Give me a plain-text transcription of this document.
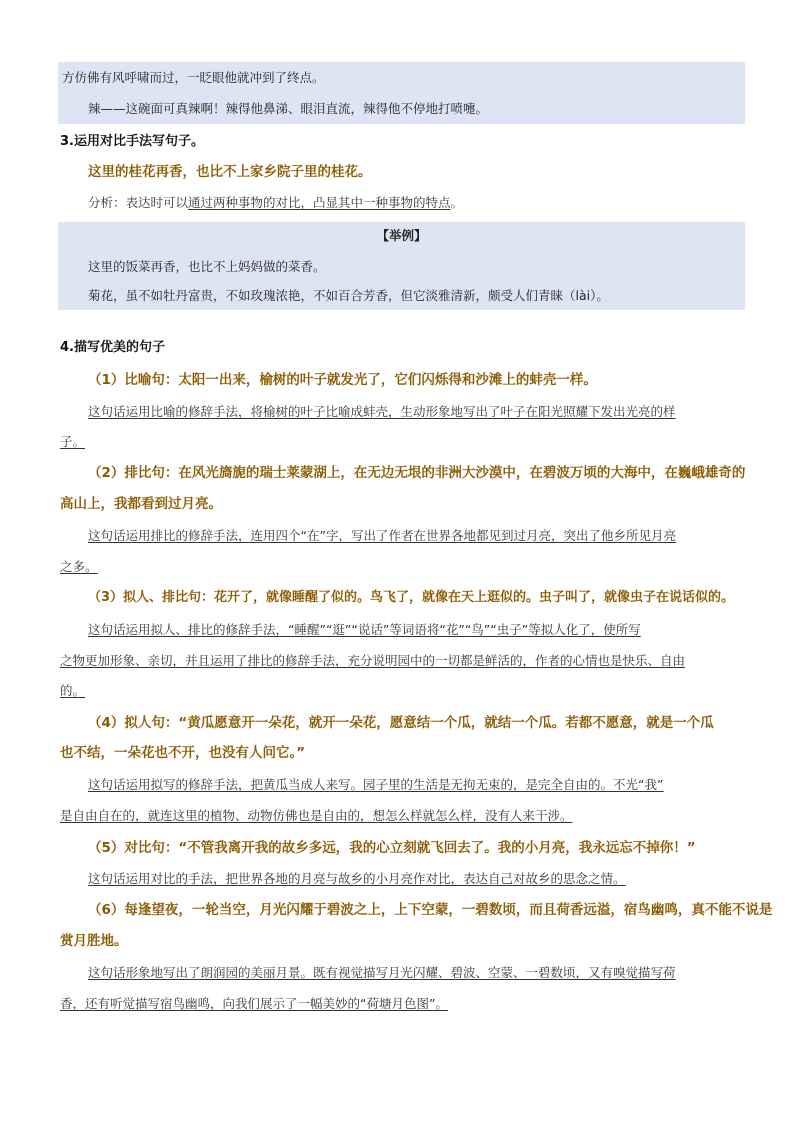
方仿佛有风呼啸而过，一眨眼他就冲到了终点。
辣——这碗面可真辣啊！辣得他鼻涕、眼泪直流，辣得他不停地打喷嚏。
3.运用对比手法写句子。
这里的桂花再香，也比不上家乡院子里的桂花。
分析：表达时可以通过两种事物的对比，凸显其中一种事物的特点。
【举例】
这里的饭菜再香，也比不上妈妈做的菜香。
菊花，虽不如牡丹富贵，不如玫瑰浓艳，不如百合芳香，但它淡雅清新，颇受人们青睐（lài）。
4.描写优美的句子
（1）比喻句：太阳一出来，榆树的叶子就发光了，它们闪烁得和沙滩上的蚌壳一样。
这句话运用比喻的修辞手法，将榆树的叶子比喻成蚌壳，生动形象地写出了叶子在阳光照耀下发出光亮的样
子。
（2）排比句：在风光旖旎的瑞士莱蒙湖上，在无边无垠的非洲大沙漠中，在碧波万顷的大海中，在巍峨雄奇的
高山上，我都看到过月亮。
这句话运用排比的修辞手法，连用四个“在”字，写出了作者在世界各地都见到过月亮，突出了他乡所见月亮
之多。
（3）拟人、排比句：花开了，就像睡醒了似的。鸟飞了，就像在天上逛似的。虫子叫了，就像虫子在说话似的。
这句话运用拟人、排比的修辞手法，“睡醒”“逛”“说话”等词语将“花”“鸟”“虫子”等拟人化了，使所写
之物更加形象、亲切，并且运用了排比的修辞手法，充分说明园中的一切都是鲜活的，作者的心情也是快乐、自由
的。
（4）拟人句：“黄瓜愿意开一朵花，就开一朵花，愿意结一个瓜，就结一个瓜。若都不愿意，就是一个瓜
也不结，一朵花也不开，也没有人问它。”
这句话运用拟写的修辞手法，把黄瓜当成人来写。园子里的生活是无拘无束的，是完全自由的。不光“我”
是自由自在的，就连这里的植物、动物仿佛也是自由的，想怎么样就怎么样，没有人来干涉。
（5）对比句：“不管我离开我的故乡多远，我的心立刻就飞回去了。我的小月亮，我永远忘不掉你！”
这句话运用对比的手法，把世界各地的月亮与故乡的小月亮作对比，表达自己对故乡的思念之情。
（6）每逢望夜，一轮当空，月光闪耀于碧波之上，上下空蒙，一碧数顷，而且荷香远溢，宿鸟幽鸣，真不能不说是
赏月胜地。
这句话形象地写出了朗润园的美丽月景。既有视觉描写月光闪耀、碧波、空蒙、一碧数顷，又有嗅觉描写荷
香，还有听觉描写宿鸟幽鸣，向我们展示了一幅美妙的“荷塘月色图”。
